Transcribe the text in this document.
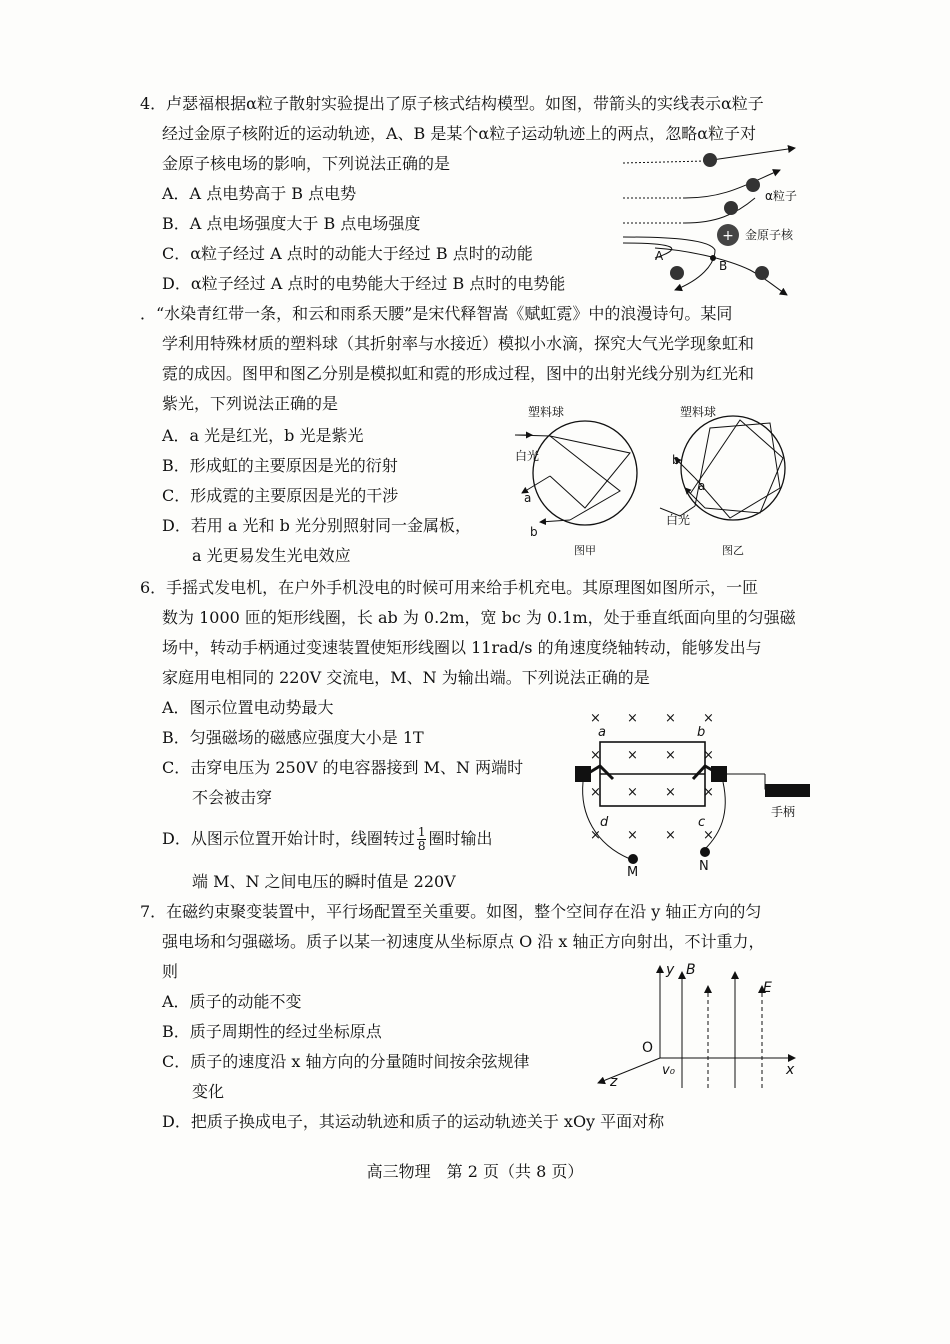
4．卢瑟福根据α粒子散射实验提出了原子核式结构模型。如图，带箭头的实线表示α粒子
经过金原子核附近的运动轨迹，A、B 是某个α粒子运动轨迹上的两点，忽略α粒子对
金原子核电场的影响，下列说法正确的是
A．A 点电势高于 B 点电势
B．A 点电场强度大于 B 点电场强度
C．α粒子经过 A 点时的动能大于经过 B 点时的动能
D．α粒子经过 A 点时的电势能大于经过 B 点时的电势能
+
α粒子
金原子核
A
B
．“水染青红带一条，和云和雨系天腰”是宋代释智嵩《赋虹霓》中的浪漫诗句。某同
学利用特殊材质的塑料球（其折射率与水接近）模拟小水滴，探究大气光学现象虹和
霓的成因。图甲和图乙分别是模拟虹和霓的形成过程，图中的出射光线分别为红光和
紫光，下列说法正确的是
A．a 光是红光，b 光是紫光
B．形成虹的主要原因是光的衍射
C．形成霓的主要原因是光的干涉
D．若用 a 光和 b 光分别照射同一金属板，
a 光更易发生光电效应
塑料球
白光
a
b
图甲
塑料球
b
a
白光
图乙
6．手摇式发电机，在户外手机没电的时候可用来给手机充电。其原理图如图所示，一匝
数为 1000 匝的矩形线圈，长 ab 为 0.2m，宽 bc 为 0.1m，处于垂直纸面向里的匀强磁
场中，转动手柄通过变速装置使矩形线圈以 11rad/s 的角速度绕轴转动，能够发出与
家庭用电相同的 220V 交流电，M、N 为输出端。下列说法正确的是
A．图示位置电动势最大
B．匀强磁场的磁感应强度大小是 1T
C．击穿电压为 250V 的电容器接到 M、N 两端时
不会被击穿
D．从图示位置开始计时，线圈转过 $\frac{1}{8}$ 圈时输出
端 M、N 之间电压的瞬时值是 220V
× × × ×
× × × ×
× × × ×
× × × ×
a	b
c
d
M	N
手柄
7．在磁约束聚变装置中，平行场配置至关重要。如图，整个空间存在沿 y 轴正方向的匀
强电场和匀强磁场。质子以某一初速度从坐标原点 O 沿 x 轴正方向射出，不计重力，
则
A．质子的动能不变
B．质子周期性的经过坐标原点
C．质子的速度沿 x 轴方向的分量随时间按余弦规律
变化
D．把质子换成电子，其运动轨迹和质子的运动轨迹关于 xOy 平面对称
y B
E
O
v₀	x
z
高三物理　第 2 页（共 8 页）
